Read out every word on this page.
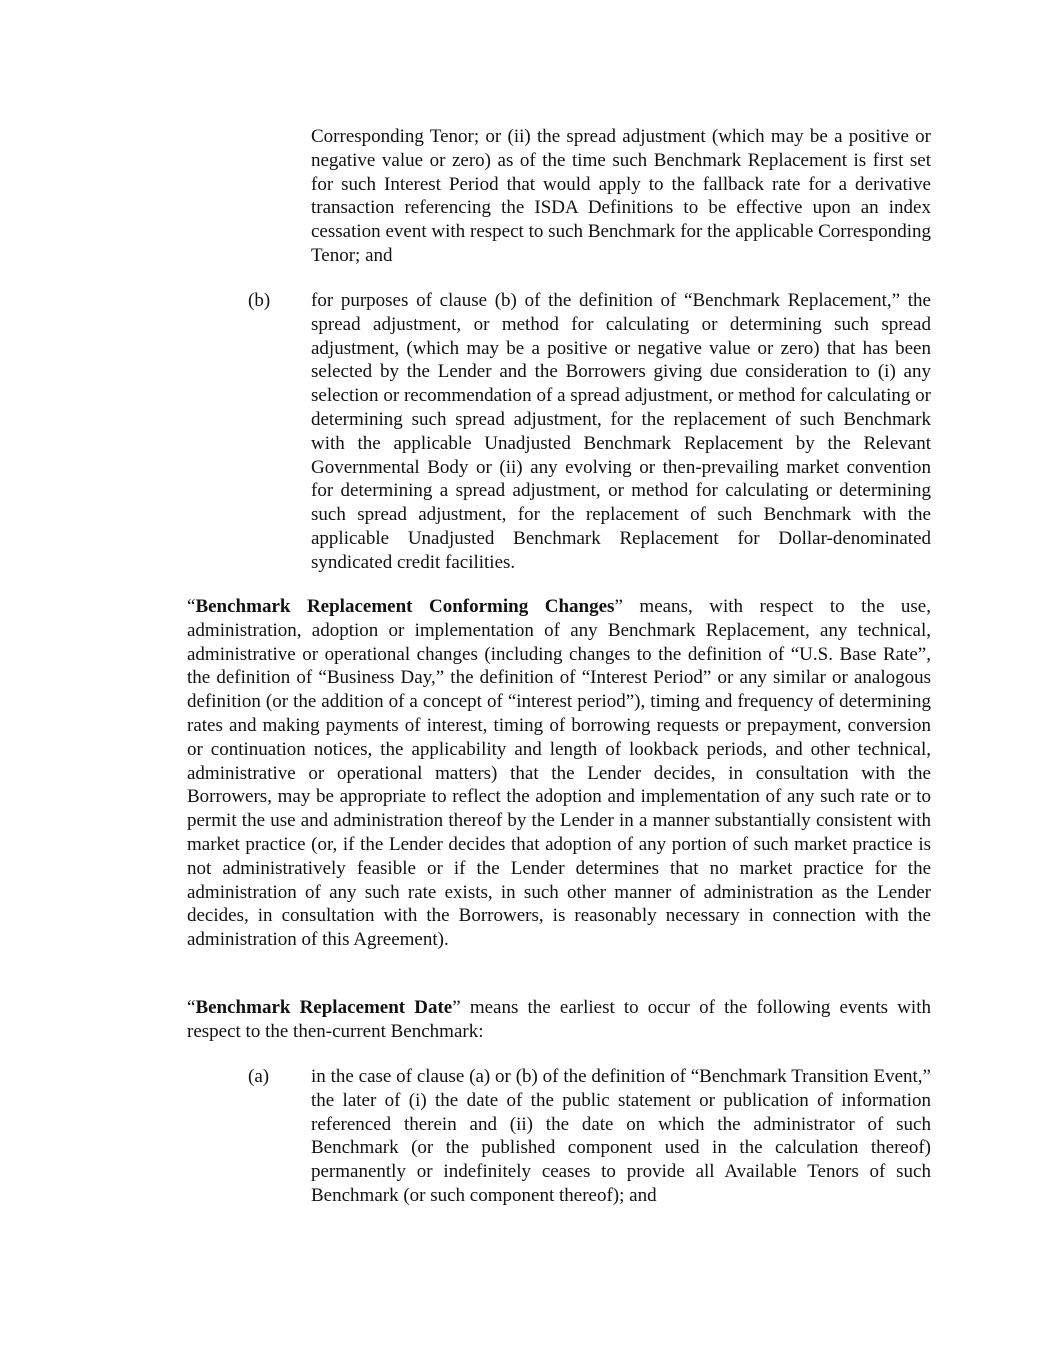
Corresponding Tenor; or (ii) the spread adjustment (which may be a positive or negative value or zero) as of the time such Benchmark Replacement is first set for such Interest Period that would apply to the fallback rate for a derivative transaction referencing the ISDA Definitions to be effective upon an index cessation event with respect to such Benchmark for the applicable Corresponding Tenor; and

(b) for purposes of clause (b) of the definition of “Benchmark Replacement,” the spread adjustment, or method for calculating or determining such spread adjustment, (which may be a positive or negative value or zero) that has been selected by the Lender and the Borrowers giving due consideration to (i) any selection or recommendation of a spread adjustment, or method for calculating or determining such spread adjustment, for the replacement of such Benchmark with the applicable Unadjusted Benchmark Replacement by the Relevant Governmental Body or (ii) any evolving or then-prevailing market convention for determining a spread adjustment, or method for calculating or determining such spread adjustment, for the replacement of such Benchmark with the applicable Unadjusted Benchmark Replacement for Dollar-denominated syndicated credit facilities.

“Benchmark Replacement Conforming Changes” means, with respect to the use, administration, adoption or implementation of any Benchmark Replacement, any technical, administrative or operational changes (including changes to the definition of “U.S. Base Rate”, the definition of “Business Day,” the definition of “Interest Period” or any similar or analogous definition (or the addition of a concept of “interest period”), timing and frequency of determining rates and making payments of interest, timing of borrowing requests or prepayment, conversion or continuation notices, the applicability and length of lookback periods, and other technical, administrative or operational matters) that the Lender decides, in consultation with the Borrowers, may be appropriate to reflect the adoption and implementation of any such rate or to permit the use and administration thereof by the Lender in a manner substantially consistent with market practice (or, if the Lender decides that adoption of any portion of such market practice is not administratively feasible or if the Lender determines that no market practice for the administration of any such rate exists, in such other manner of administration as the Lender decides, in consultation with the Borrowers, is reasonably necessary in connection with the administration of this Agreement).

“Benchmark Replacement Date” means the earliest to occur of the following events with respect to the then-current Benchmark:

(a) in the case of clause (a) or (b) of the definition of “Benchmark Transition Event,” the later of (i) the date of the public statement or publication of information referenced therein and (ii) the date on which the administrator of such Benchmark (or the published component used in the calculation thereof) permanently or indefinitely ceases to provide all Available Tenors of such Benchmark (or such component thereof); and
